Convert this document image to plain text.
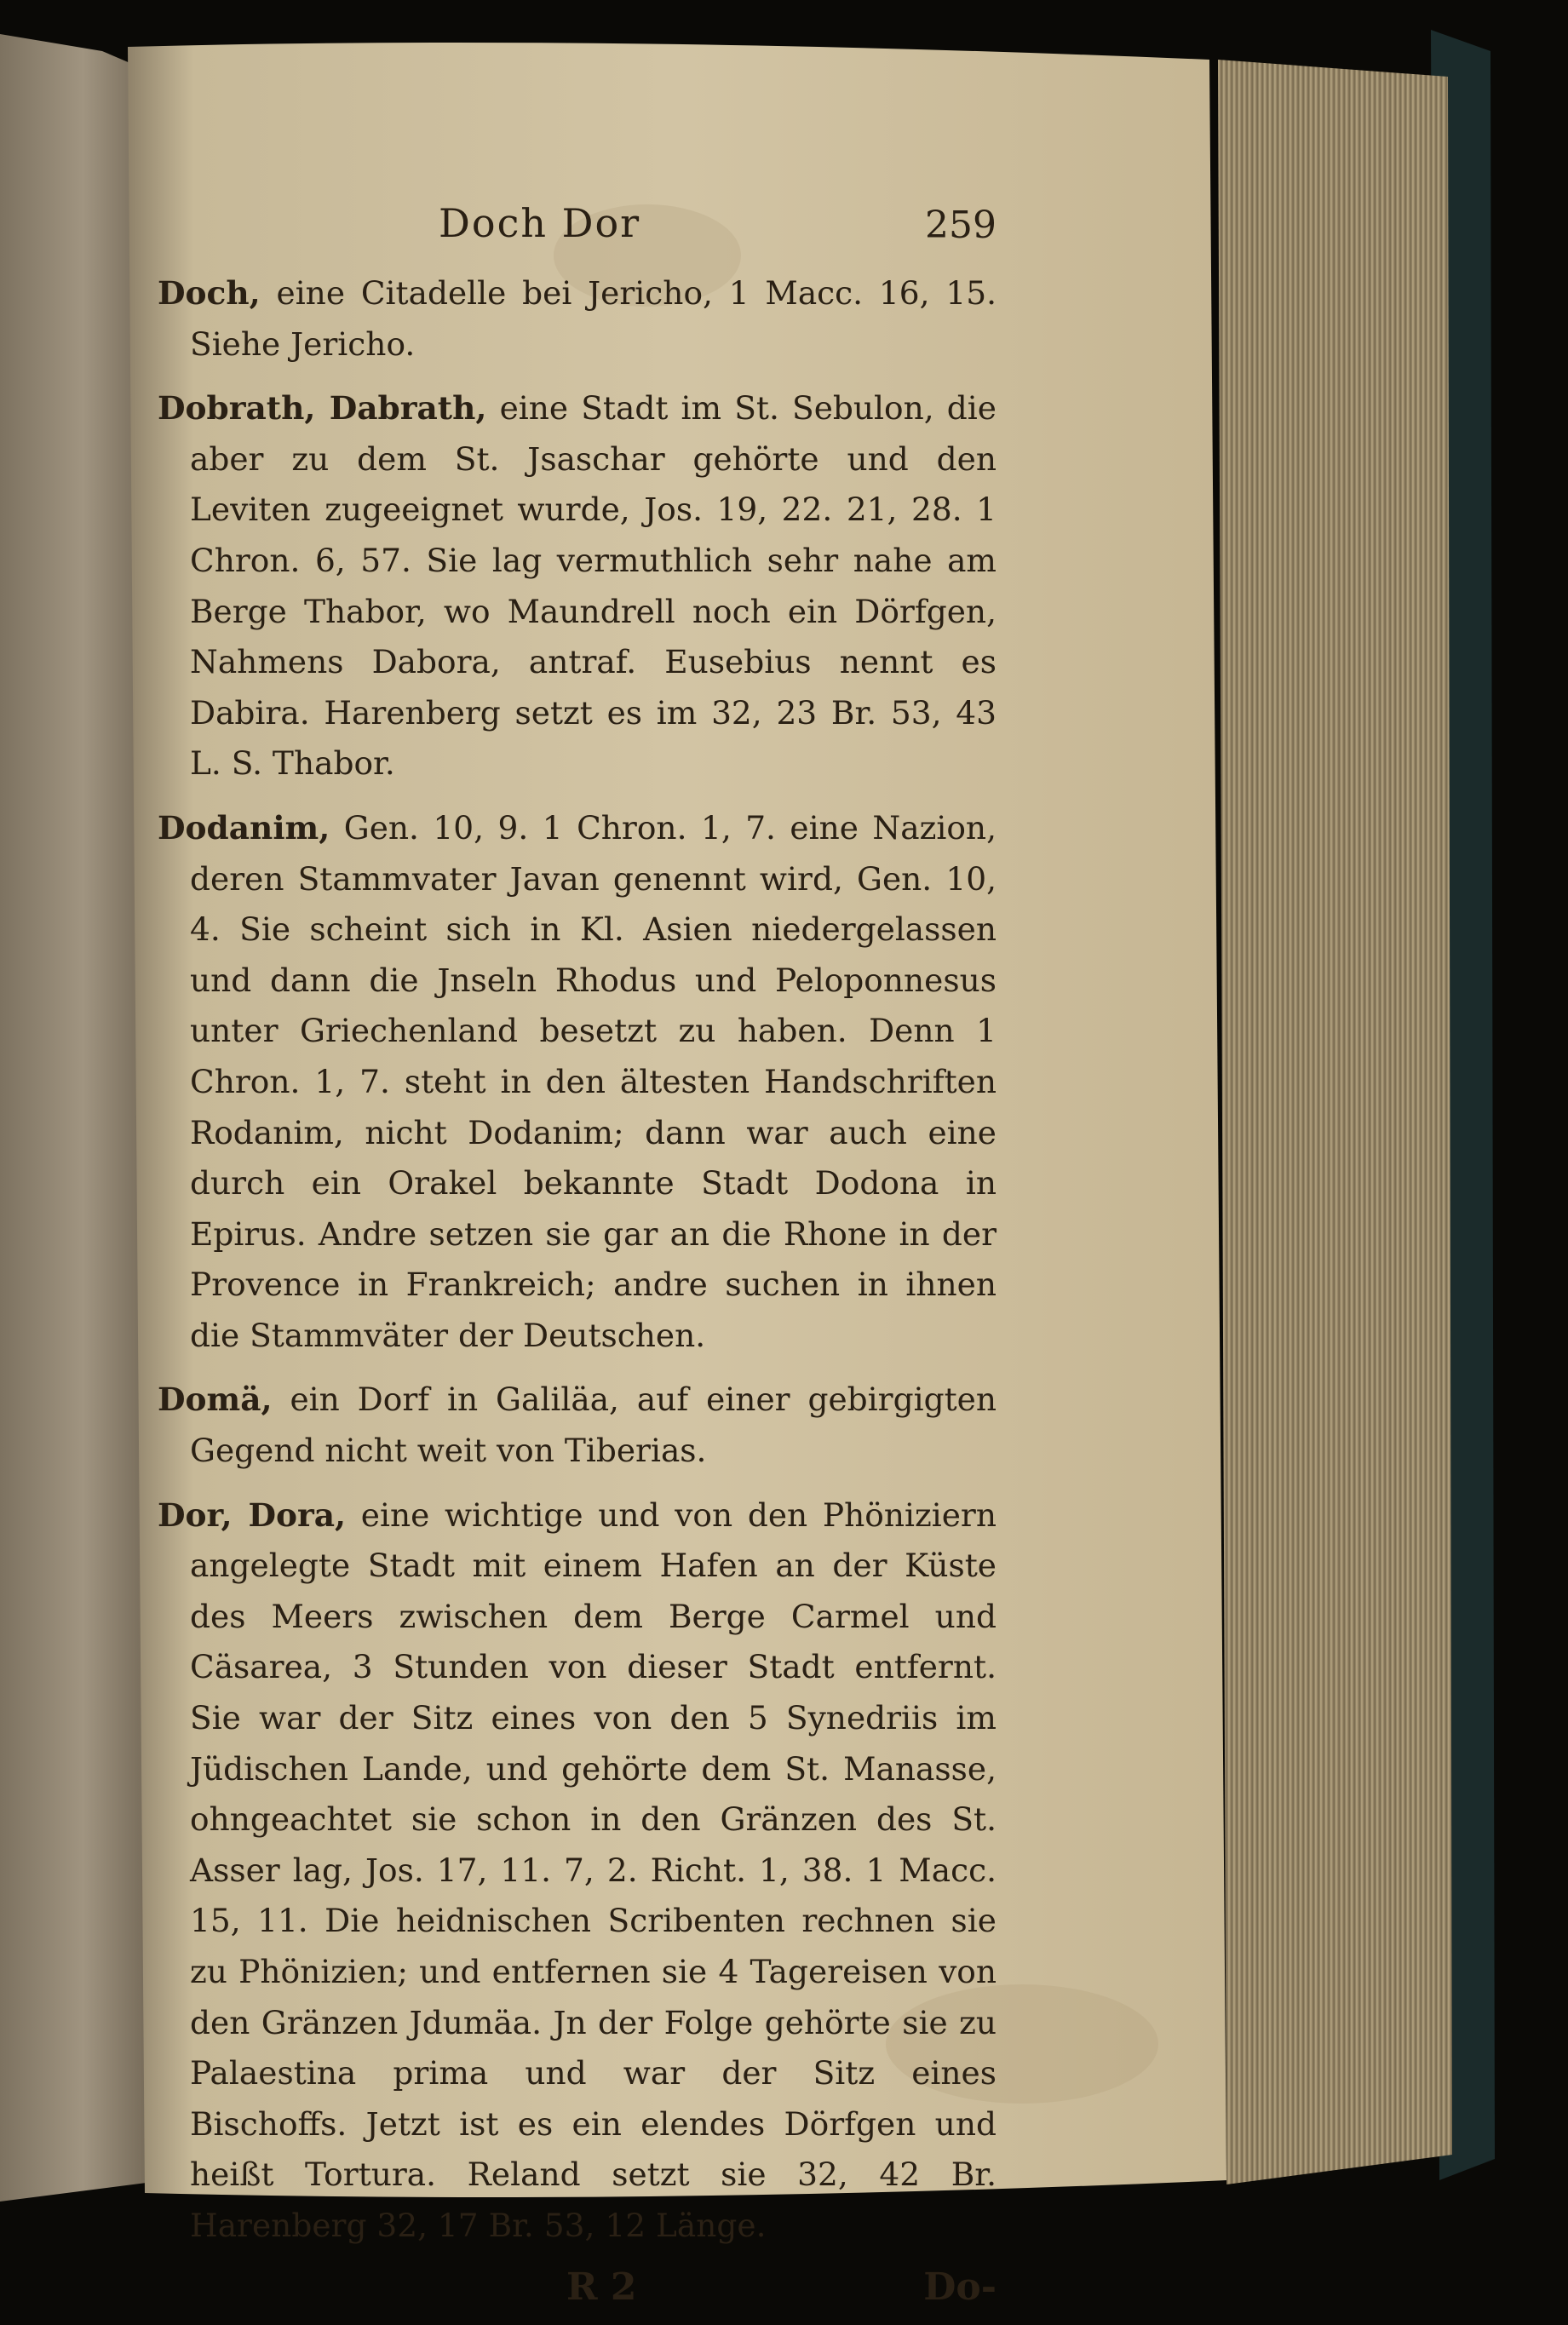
Doch Dor	259

Doch, eine Citadelle bei Jericho, 1 Macc. 16, 15. Siehe Jericho.

Dobrath, Dabrath, eine Stadt im St. Sebulon, die aber zu dem St. Jsaschar gehörte und den Leviten zugeeignet wurde, Jos. 19, 22. 21, 28. 1 Chron. 6, 57. Sie lag vermuthlich sehr nahe am Berge Thabor, wo Maundrell noch ein Dörfgen, Nahmens Dabora, antraf. Eusebius nennt es Dabira. Harenberg setzt es im 32, 23 Br. 53, 43 L. S. Thabor.

Dodanim, Gen. 10, 9. 1 Chron. 1, 7. eine Nazion, deren Stammvater Javan genennt wird, Gen. 10, 4. Sie scheint sich in Kl. Asien niedergelassen und dann die Jnseln Rhodus und Peloponnesus unter Griechenland besetzt zu haben. Denn 1 Chron. 1, 7. steht in den ältesten Handschriften Rodanim, nicht Dodanim; dann war auch eine durch ein Orakel bekannte Stadt Dodona in Epirus. Andre setzen sie gar an die Rhone in der Provence in Frankreich; andre suchen in ihnen die Stammväter der Deutschen.

Domä, ein Dorf in Galiläa, auf einer gebirgigten Gegend nicht weit von Tiberias.

Dor, Dora, eine wichtige und von den Phöniziern angelegte Stadt mit einem Hafen an der Küste des Meers zwischen dem Berge Carmel und Cäsarea, 3 Stunden von dieser Stadt entfernt. Sie war der Sitz eines von den 5 Synedriis im Jüdischen Lande, und gehörte dem St. Manasse, ohngeachtet sie schon in den Gränzen des St. Asser lag, Jos. 17, 11. 7, 2. Richt. 1, 38. 1 Macc. 15, 11. Die heidnischen Scribenten rechnen sie zu Phönizien; und entfernen sie 4 Tagereisen von den Gränzen Jdumäa. Jn der Folge gehörte sie zu Palaestina prima und war der Sitz eines Bischoffs. Jetzt ist es ein elendes Dörfgen und heißt Tortura. Reland setzt sie 32, 42 Br. Harenberg 32, 17 Br. 53, 12 Länge.

R 2	Do-
